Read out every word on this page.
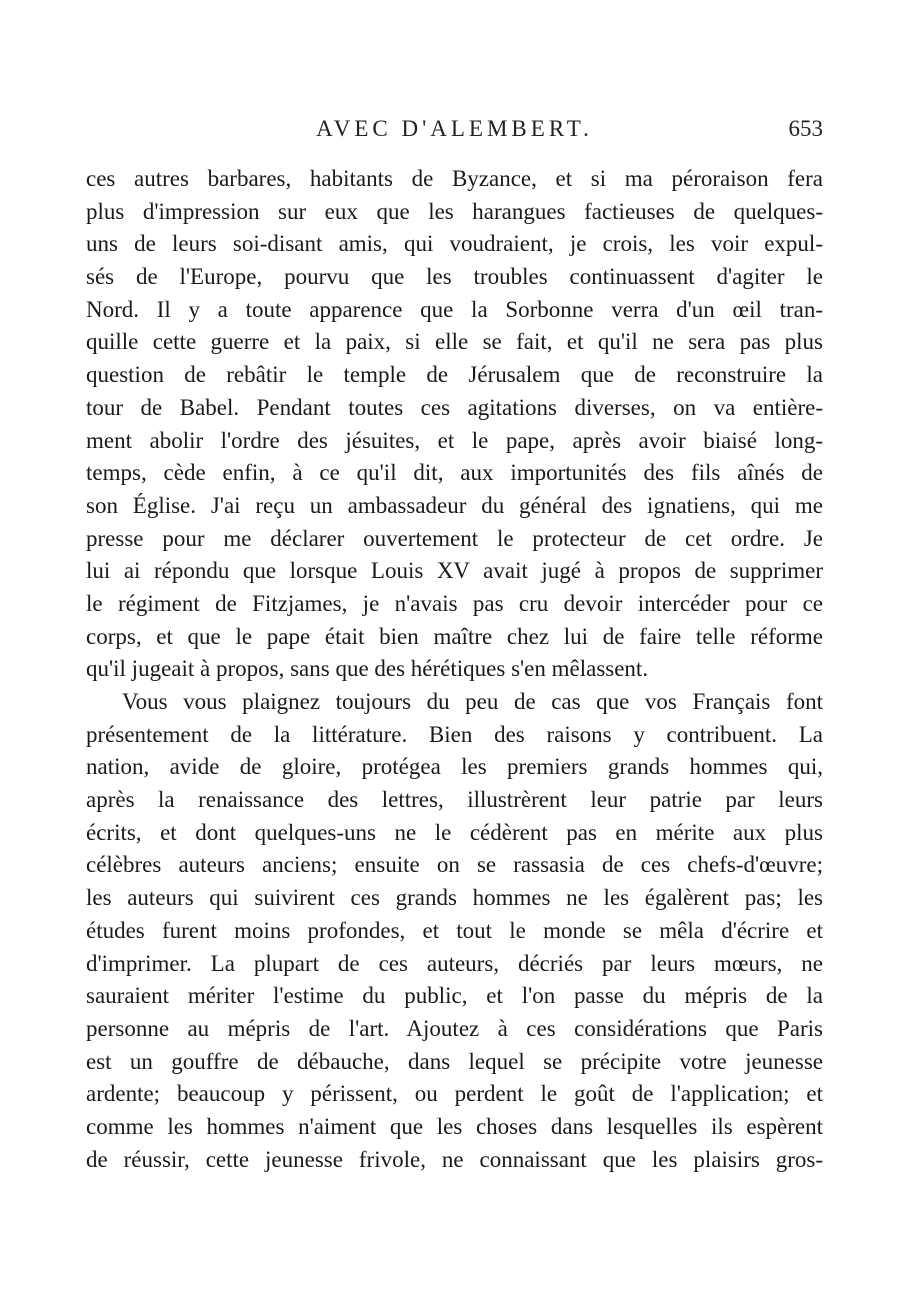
AVEC D'ALEMBERT.	653
ces autres barbares, habitants de Byzance, et si ma péroraison fera
plus d'impression sur eux que les harangues factieuses de quelques-
uns de leurs soi-disant amis, qui voudraient, je crois, les voir expul-
sés de l'Europe, pourvu que les troubles continuassent d'agiter le
Nord. Il y a toute apparence que la Sorbonne verra d'un œil tran-
quille cette guerre et la paix, si elle se fait, et qu'il ne sera pas plus
question de rebâtir le temple de Jérusalem que de reconstruire la
tour de Babel. Pendant toutes ces agitations diverses, on va entière-
ment abolir l'ordre des jésuites, et le pape, après avoir biaisé long-
temps, cède enfin, à ce qu'il dit, aux importunités des fils aînés de
son Église. J'ai reçu un ambassadeur du général des ignatiens, qui me
presse pour me déclarer ouvertement le protecteur de cet ordre. Je
lui ai répondu que lorsque Louis XV avait jugé à propos de supprimer
le régiment de Fitzjames, je n'avais pas cru devoir intercéder pour ce
corps, et que le pape était bien maître chez lui de faire telle réforme
qu'il jugeait à propos, sans que des hérétiques s'en mêlassent.
Vous vous plaignez toujours du peu de cas que vos Français font
présentement de la littérature. Bien des raisons y contribuent. La
nation, avide de gloire, protégea les premiers grands hommes qui,
après la renaissance des lettres, illustrèrent leur patrie par leurs
écrits, et dont quelques-uns ne le cédèrent pas en mérite aux plus
célèbres auteurs anciens; ensuite on se rassasia de ces chefs-d'œuvre;
les auteurs qui suivirent ces grands hommes ne les égalèrent pas; les
études furent moins profondes, et tout le monde se mêla d'écrire et
d'imprimer. La plupart de ces auteurs, décriés par leurs mœurs, ne
sauraient mériter l'estime du public, et l'on passe du mépris de la
personne au mépris de l'art. Ajoutez à ces considérations que Paris
est un gouffre de débauche, dans lequel se précipite votre jeunesse
ardente; beaucoup y périssent, ou perdent le goût de l'application; et
comme les hommes n'aiment que les choses dans lesquelles ils espèrent
de réussir, cette jeunesse frivole, ne connaissant que les plaisirs gros-
